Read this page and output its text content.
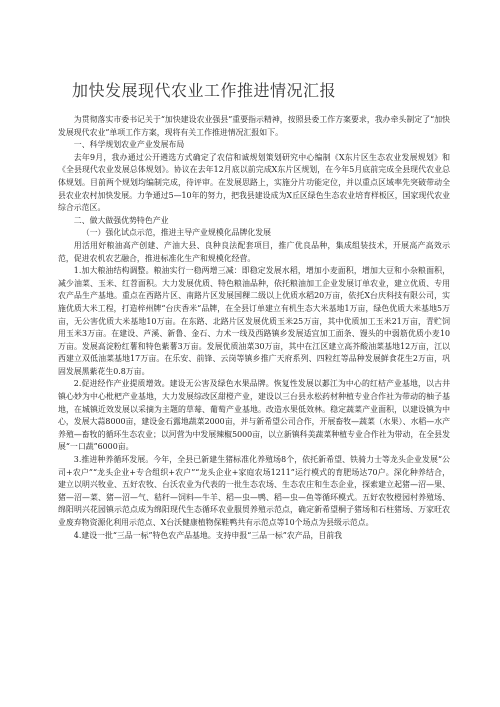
加快发展现代农业工作推进情况汇报

为贯彻落实市委书记关于“加快建设农业强县”重要指示精神，按照县委工作方案要求，我办牵头制定了“加快发展现代农业”单项工作方案，现将有关工作推进情况汇报如下。

一、科学规划农业产业发展布局

去年9月，我办通过公开遴选方式确定了农信和诚规划策划研究中心编制《X东片区生态农业发展规划》和《全县现代农业发展总体规划》。协议在去年12月底以前完成X东片区规划，在今年5月底前完成全县现代农业总体规划。目前两个规划均编制完成，待评审。在发展思路上，实施分片功能定位，并以重点区域率先突破带动全县农业农村加快发展。力争通过5—10年的努力，把我县建设成为X丘区绿色生态农业培育样板区，国家现代农业综合示范区。

二、做大做强优势特色产业

（一）强化试点示范，推进主导产业规模化品牌化发展

用活用好粮油高产创建、产油大县、良种良法配套项目，推广优良品种，集成组装技术，开展高产高效示范，促进农机农艺融合，推进标准化生产和规模化经营。

1.加大粮油结构调整。粮油实行一稳两增三减：即稳定发展水稻，增加小麦面积，增加大豆和小杂粮面积，减少油菜、玉米、红苕面积。大力发展优质、特色粮油品种，依托粮油加工企业发展订单农业，建立优质、专用农产品生产基地。重点在西路片区、南路片区发展国稞二级以上优质水稻20万亩，依托X台庆科技有限公司，实施优质大米工程，打造梓州牌“台庆香米”品牌，在全县订单建立有机生态大米基地1万亩，绿色优质大米基地5万亩，无公害优质大米基地10万亩。在东路、北路片区发展优质玉米25万亩，其中优质加工玉米21万亩，青贮饲用玉米3万亩。在建设、芦溪、新鲁、金石、力术一线及西路镇乡发展适宜加工面条、馒头的中弱筋优质小麦10万亩。发展高淀粉红薯和特色紫薯3万亩。发展优质油菜30万亩，其中在江区建立高芥酸油菜基地12万亩，江以西建立双低油菜基地17万亩。在乐安、前锋、云岗等镇乡推广天府系列、四粒红等品种发展鲜食花生2万亩，巩固发展黑紫花生0.8万亩。

2.促进经作产业提质增效。建设无公害及绿色水果品牌。恢复性发展以郪江为中心的红桔产业基地，以古井镇心妙为中心枇杷产业基地，大力发展综改区甜橙产业，建设以三台县永松药材种植专业合作社为带动的柚子基地，在城镇近效发展以采摘为主题的草莓、葡萄产业基地。改造水果低效林。稳定蔬菜产业面积，以建设镇为中心，发展大蒜8000亩，建设金石露地蔬菜2000亩，并与新希望公司合作，开展畜牧—蔬菜（水果）、水稻—水产养殖—畜牧的循环生态农业；以河营为中发展辣椒5000亩，以立新镇科美蔬菜种植专业合作社为带动，在全县发展“一口蔬”6000亩。

3.推进种养循环发展。今年，全县已新建生猪标准化养殖场8个，依托新希望、铁骑力士等龙头企业发展“公司+农户”“龙头企业+专合组织+农户”“龙头企业+家庭农场1211”运行模式的育肥场达70户。深化种养结合，建立以明兴牧业、五好农牧、台沃农业为代表的一批生态农场、生态农庄和生态企业，探索建立起猪—沼—果、猪—沼—菜、猪—沼—气、秸秆—饲料—牛羊、稻—虫—鸭、稻—虫—鱼等循环模式。五好农牧橙园村养殖场、绵阳明兴花园镇示范点成为绵阳现代生态循环农业服贸养殖示范点，确定新希望桐子猪场和石柱猪场、万家旺农业废弃物资源化利用示范点、X台沃健康植物保鞋鸭共有示范点等10个场点为县级示范点。

4.建设一批“三品一标”特色农产品基地。支持申报“三品一标”农产品，目前我
